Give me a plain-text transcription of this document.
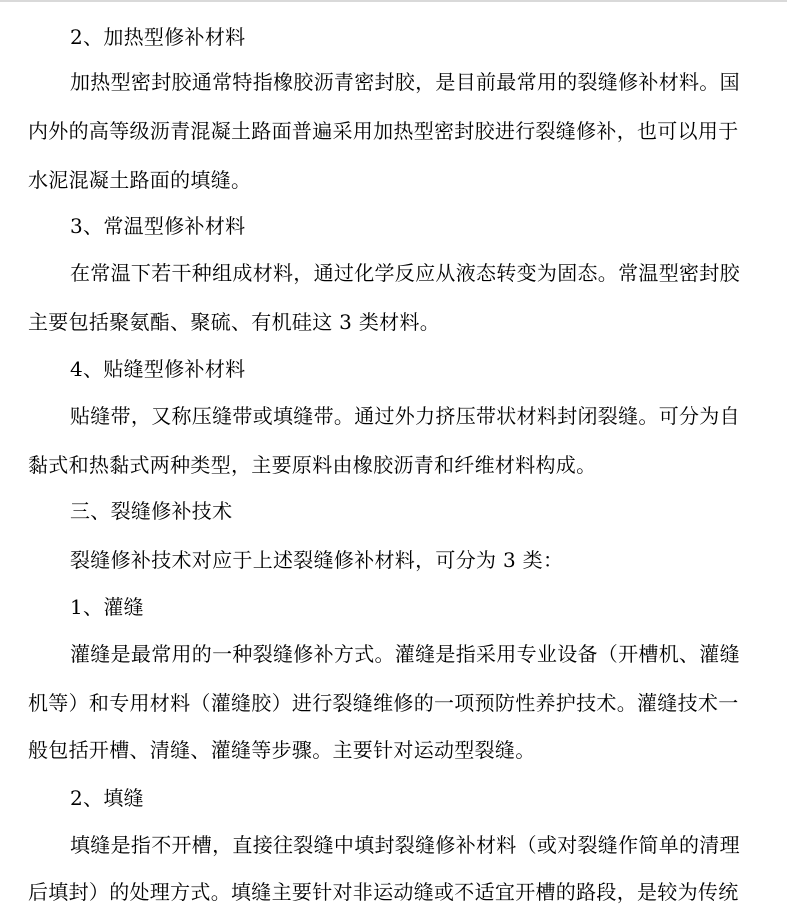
2、加热型修补材料
加热型密封胶通常特指橡胶沥青密封胶，是目前最常用的裂缝修补材料。国
内外的高等级沥青混凝土路面普遍采用加热型密封胶进行裂缝修补，也可以用于
水泥混凝土路面的填缝。
3、常温型修补材料
在常温下若干种组成材料，通过化学反应从液态转变为固态。常温型密封胶
主要包括聚氨酯、聚硫、有机硅这 3 类材料。
4、贴缝型修补材料
贴缝带，又称压缝带或填缝带。通过外力挤压带状材料封闭裂缝。可分为自
黏式和热黏式两种类型，主要原料由橡胶沥青和纤维材料构成。
三、裂缝修补技术
裂缝修补技术对应于上述裂缝修补材料，可分为 3 类：
1、灌缝
灌缝是最常用的一种裂缝修补方式。灌缝是指采用专业设备（开槽机、灌缝
机等）和专用材料（灌缝胶）进行裂缝维修的一项预防性养护技术。灌缝技术一
般包括开槽、清缝、灌缝等步骤。主要针对运动型裂缝。
2、填缝
填缝是指不开槽，直接往裂缝中填封裂缝修补材料（或对裂缝作简单的清理
后填封）的处理方式。填缝主要针对非运动缝或不适宜开槽的路段，是较为传统
